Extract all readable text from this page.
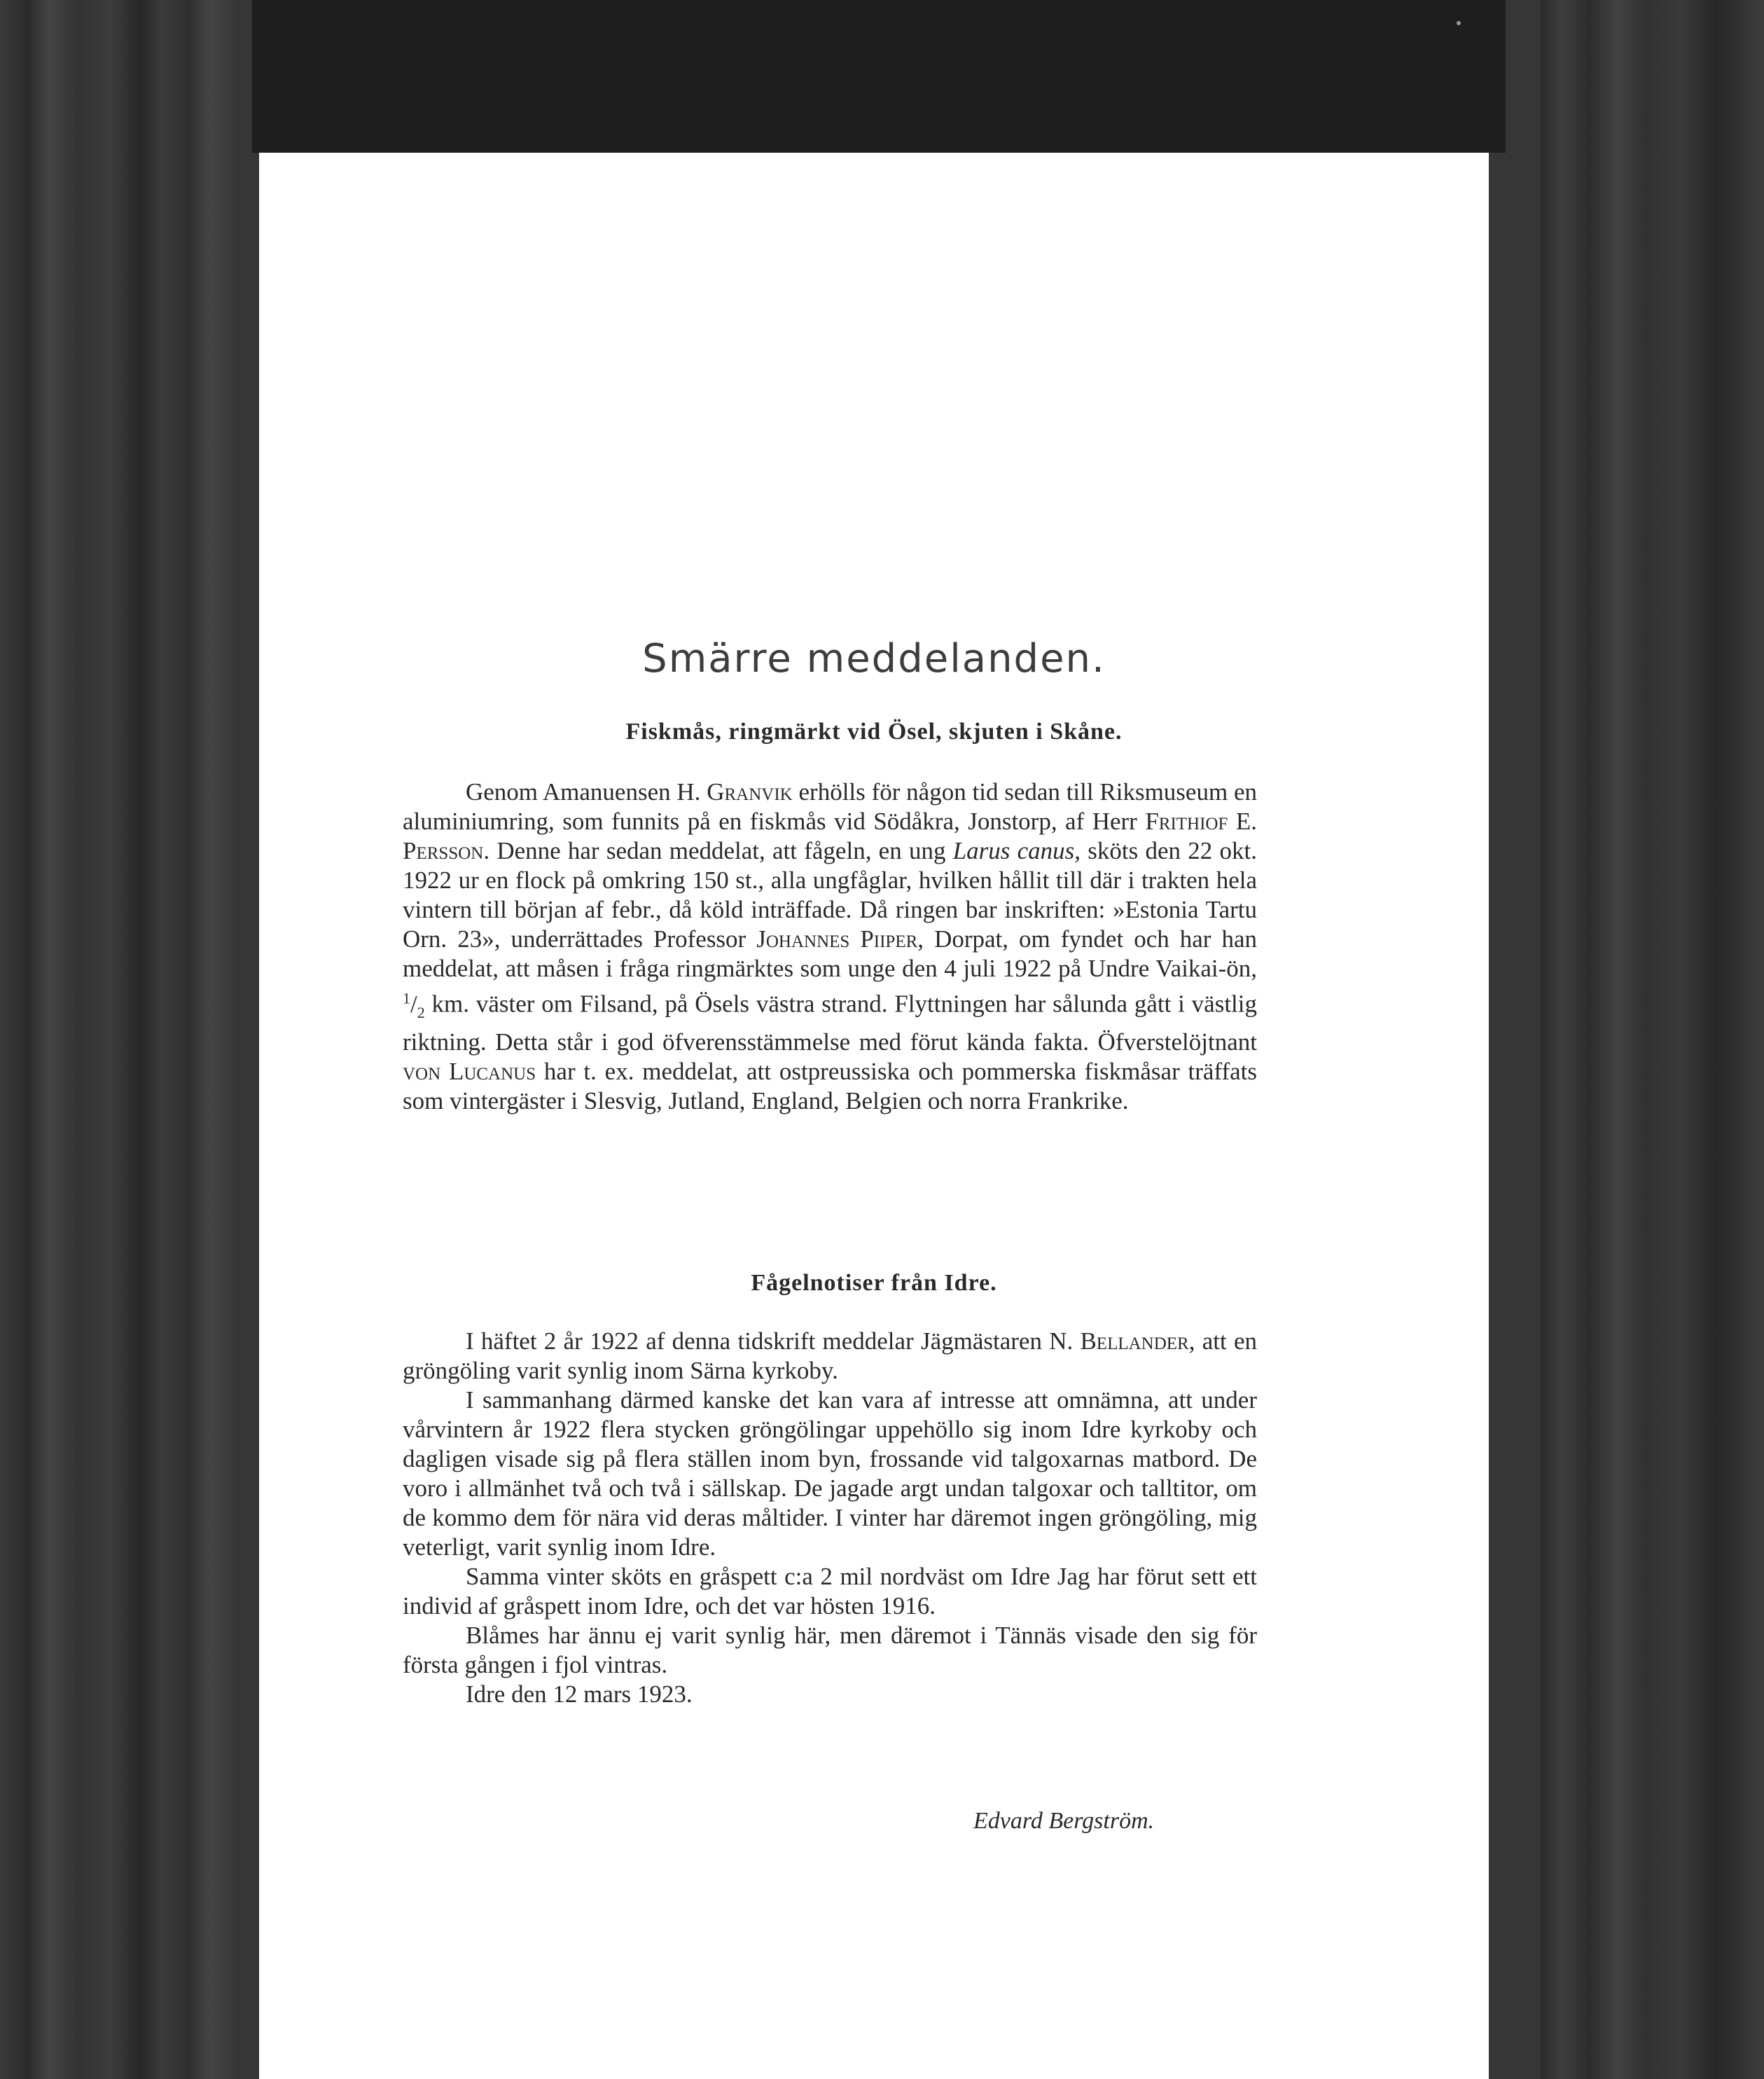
Smärre meddelanden.
Fiskmås, ringmärkt vid Ösel, skjuten i Skåne.

Genom Amanuensen H. Granvik erhölls för någon tid sedan till Riksmuseum en aluminiumring, som funnits på en fiskmås vid Södåkra, Jonstorp, af Herr Frithiof E. Persson. Denne har sedan meddelat, att fågeln, en ung Larus canus, sköts den 22 okt. 1922 ur en flock på omkring 150 st., alla ungfåglar, hvilken hållit till där i trakten hela vintern till början af febr., då köld inträffade. Då ringen bar inskriften: »Estonia Tartu Orn. 23», underrättades Professor Johannes Piiper, Dorpat, om fyndet och har han meddelat, att måsen i fråga ringmärktes som unge den 4 juli 1922 på Undre Vaikai-ön, $^1/_2$ km. väster om Filsand, på Ösels västra strand. Flyttningen har sålunda gått i västlig riktning. Detta står i god öfverensstämmelse med förut kända fakta. Öfverstelöjtnant von Lucanus har t. ex. meddelat, att ostpreussiska och pommerska fiskmåsar träffats som vintergäster i Slesvig, Jutland, England, Belgien och norra Frankrike.

Fågelnotiser från Idre.

I häftet 2 år 1922 af denna tidskrift meddelar Jägmästaren N. Bellander, att en gröngöling varit synlig inom Särna kyrkoby.

I sammanhang därmed kanske det kan vara af intresse att omnämna, att under vårvintern år 1922 flera stycken gröngölingar uppehöllo sig inom Idre kyrkoby och dagligen visade sig på flera ställen inom byn, frossande vid talgoxarnas matbord. De voro i allmänhet två och två i sällskap. De jagade argt undan talgoxar och talltitor, om de kommo dem för nära vid deras måltider. I vinter har däremot ingen gröngöling, mig veterligt, varit synlig inom Idre.

Samma vinter sköts en gråspett c:a 2 mil nordväst om Idre Jag har förut sett ett individ af gråspett inom Idre, och det var hösten 1916.

Blåmes har ännu ej varit synlig här, men däremot i Tännäs visade den sig för första gången i fjol vintras.

Idre den 12 mars 1923.

Edvard Bergström.
